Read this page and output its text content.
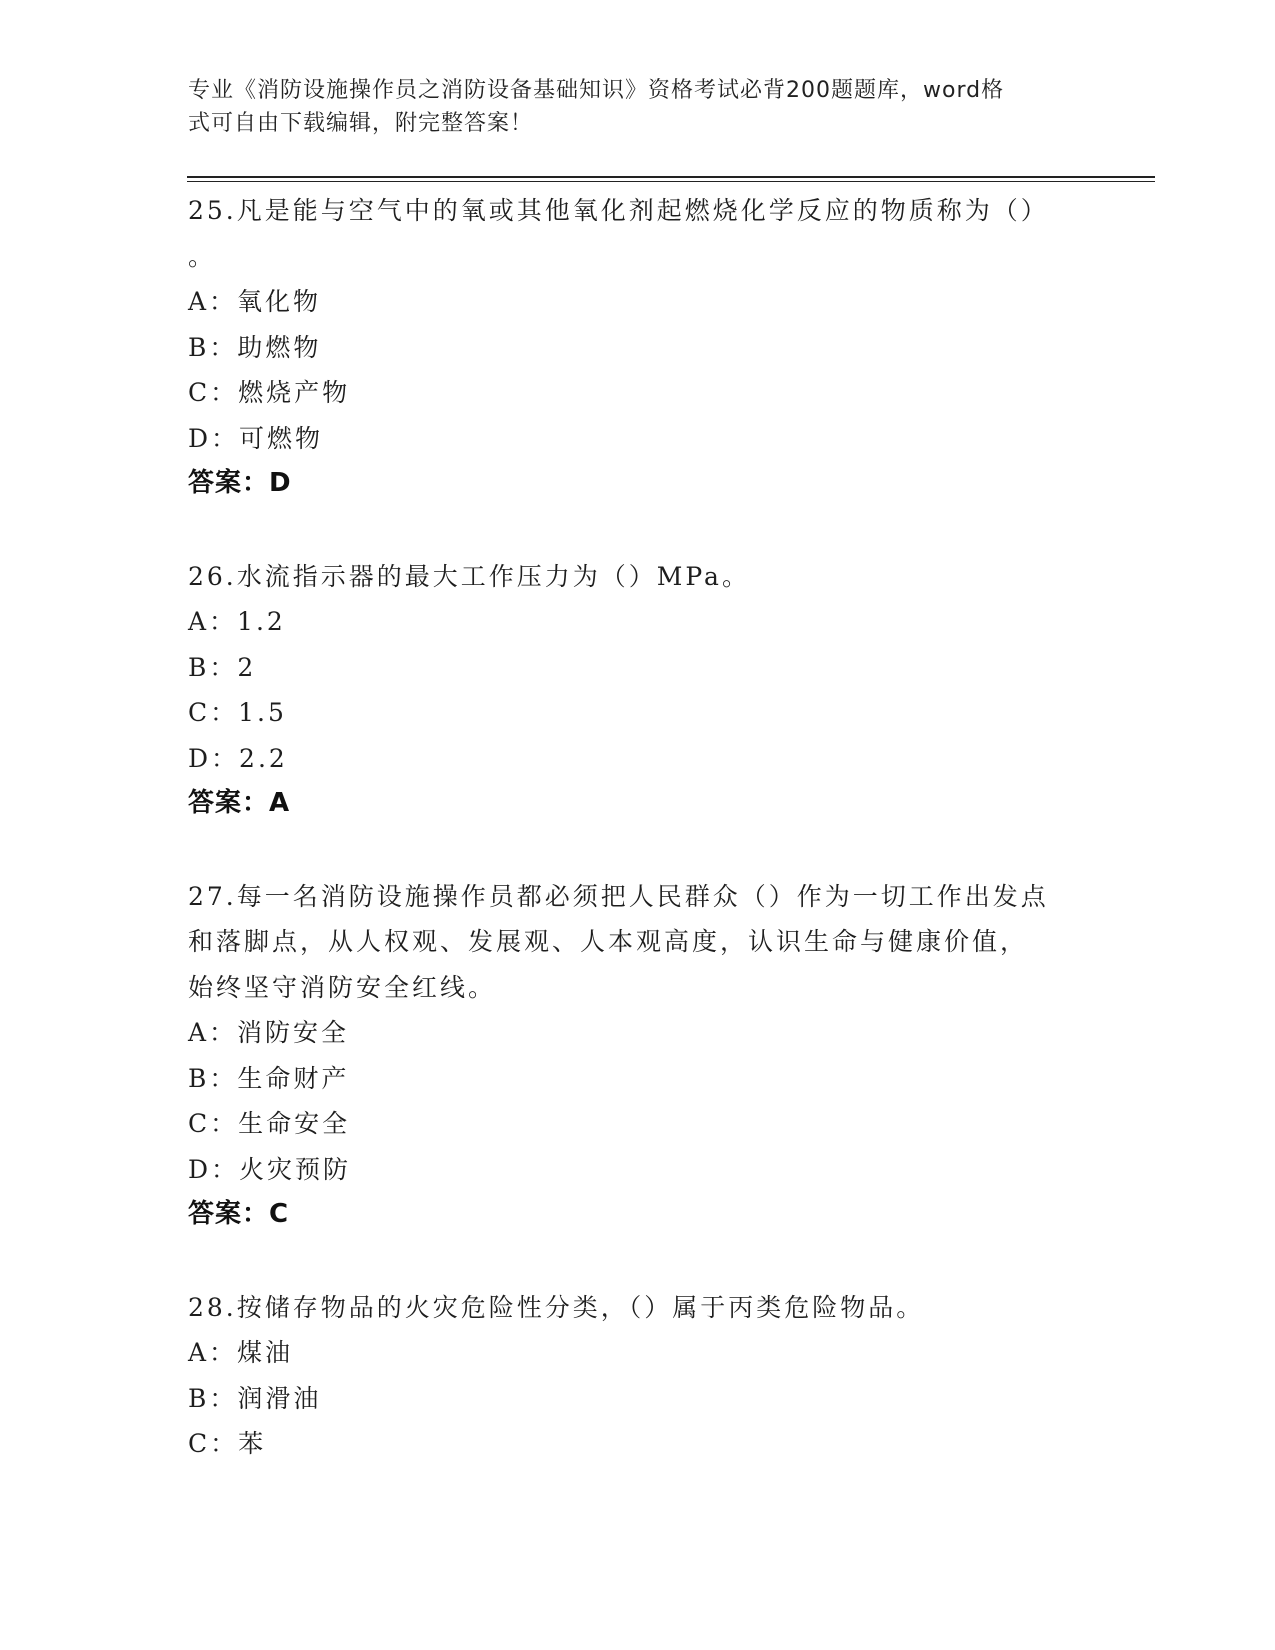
专业《消防设施操作员之消防设备基础知识》资格考试必背200题题库，word格
式可自由下载编辑，附完整答案！
25.凡是能与空气中的氧或其他氧化剂起燃烧化学反应的物质称为（）
。
A：氧化物
B：助燃物
C：燃烧产物
D：可燃物
答案：D
26.水流指示器的最大工作压力为（）MPa。
A：1.2
B：2
C：1.5
D：2.2
答案：A
27.每一名消防设施操作员都必须把人民群众（）作为一切工作出发点
和落脚点，从人权观、发展观、人本观高度，认识生命与健康价值，
始终坚守消防安全红线。
A：消防安全
B：生命财产
C：生命安全
D：火灾预防
答案：C
28.按储存物品的火灾危险性分类，（）属于丙类危险物品。
A：煤油
B：润滑油
C：苯
